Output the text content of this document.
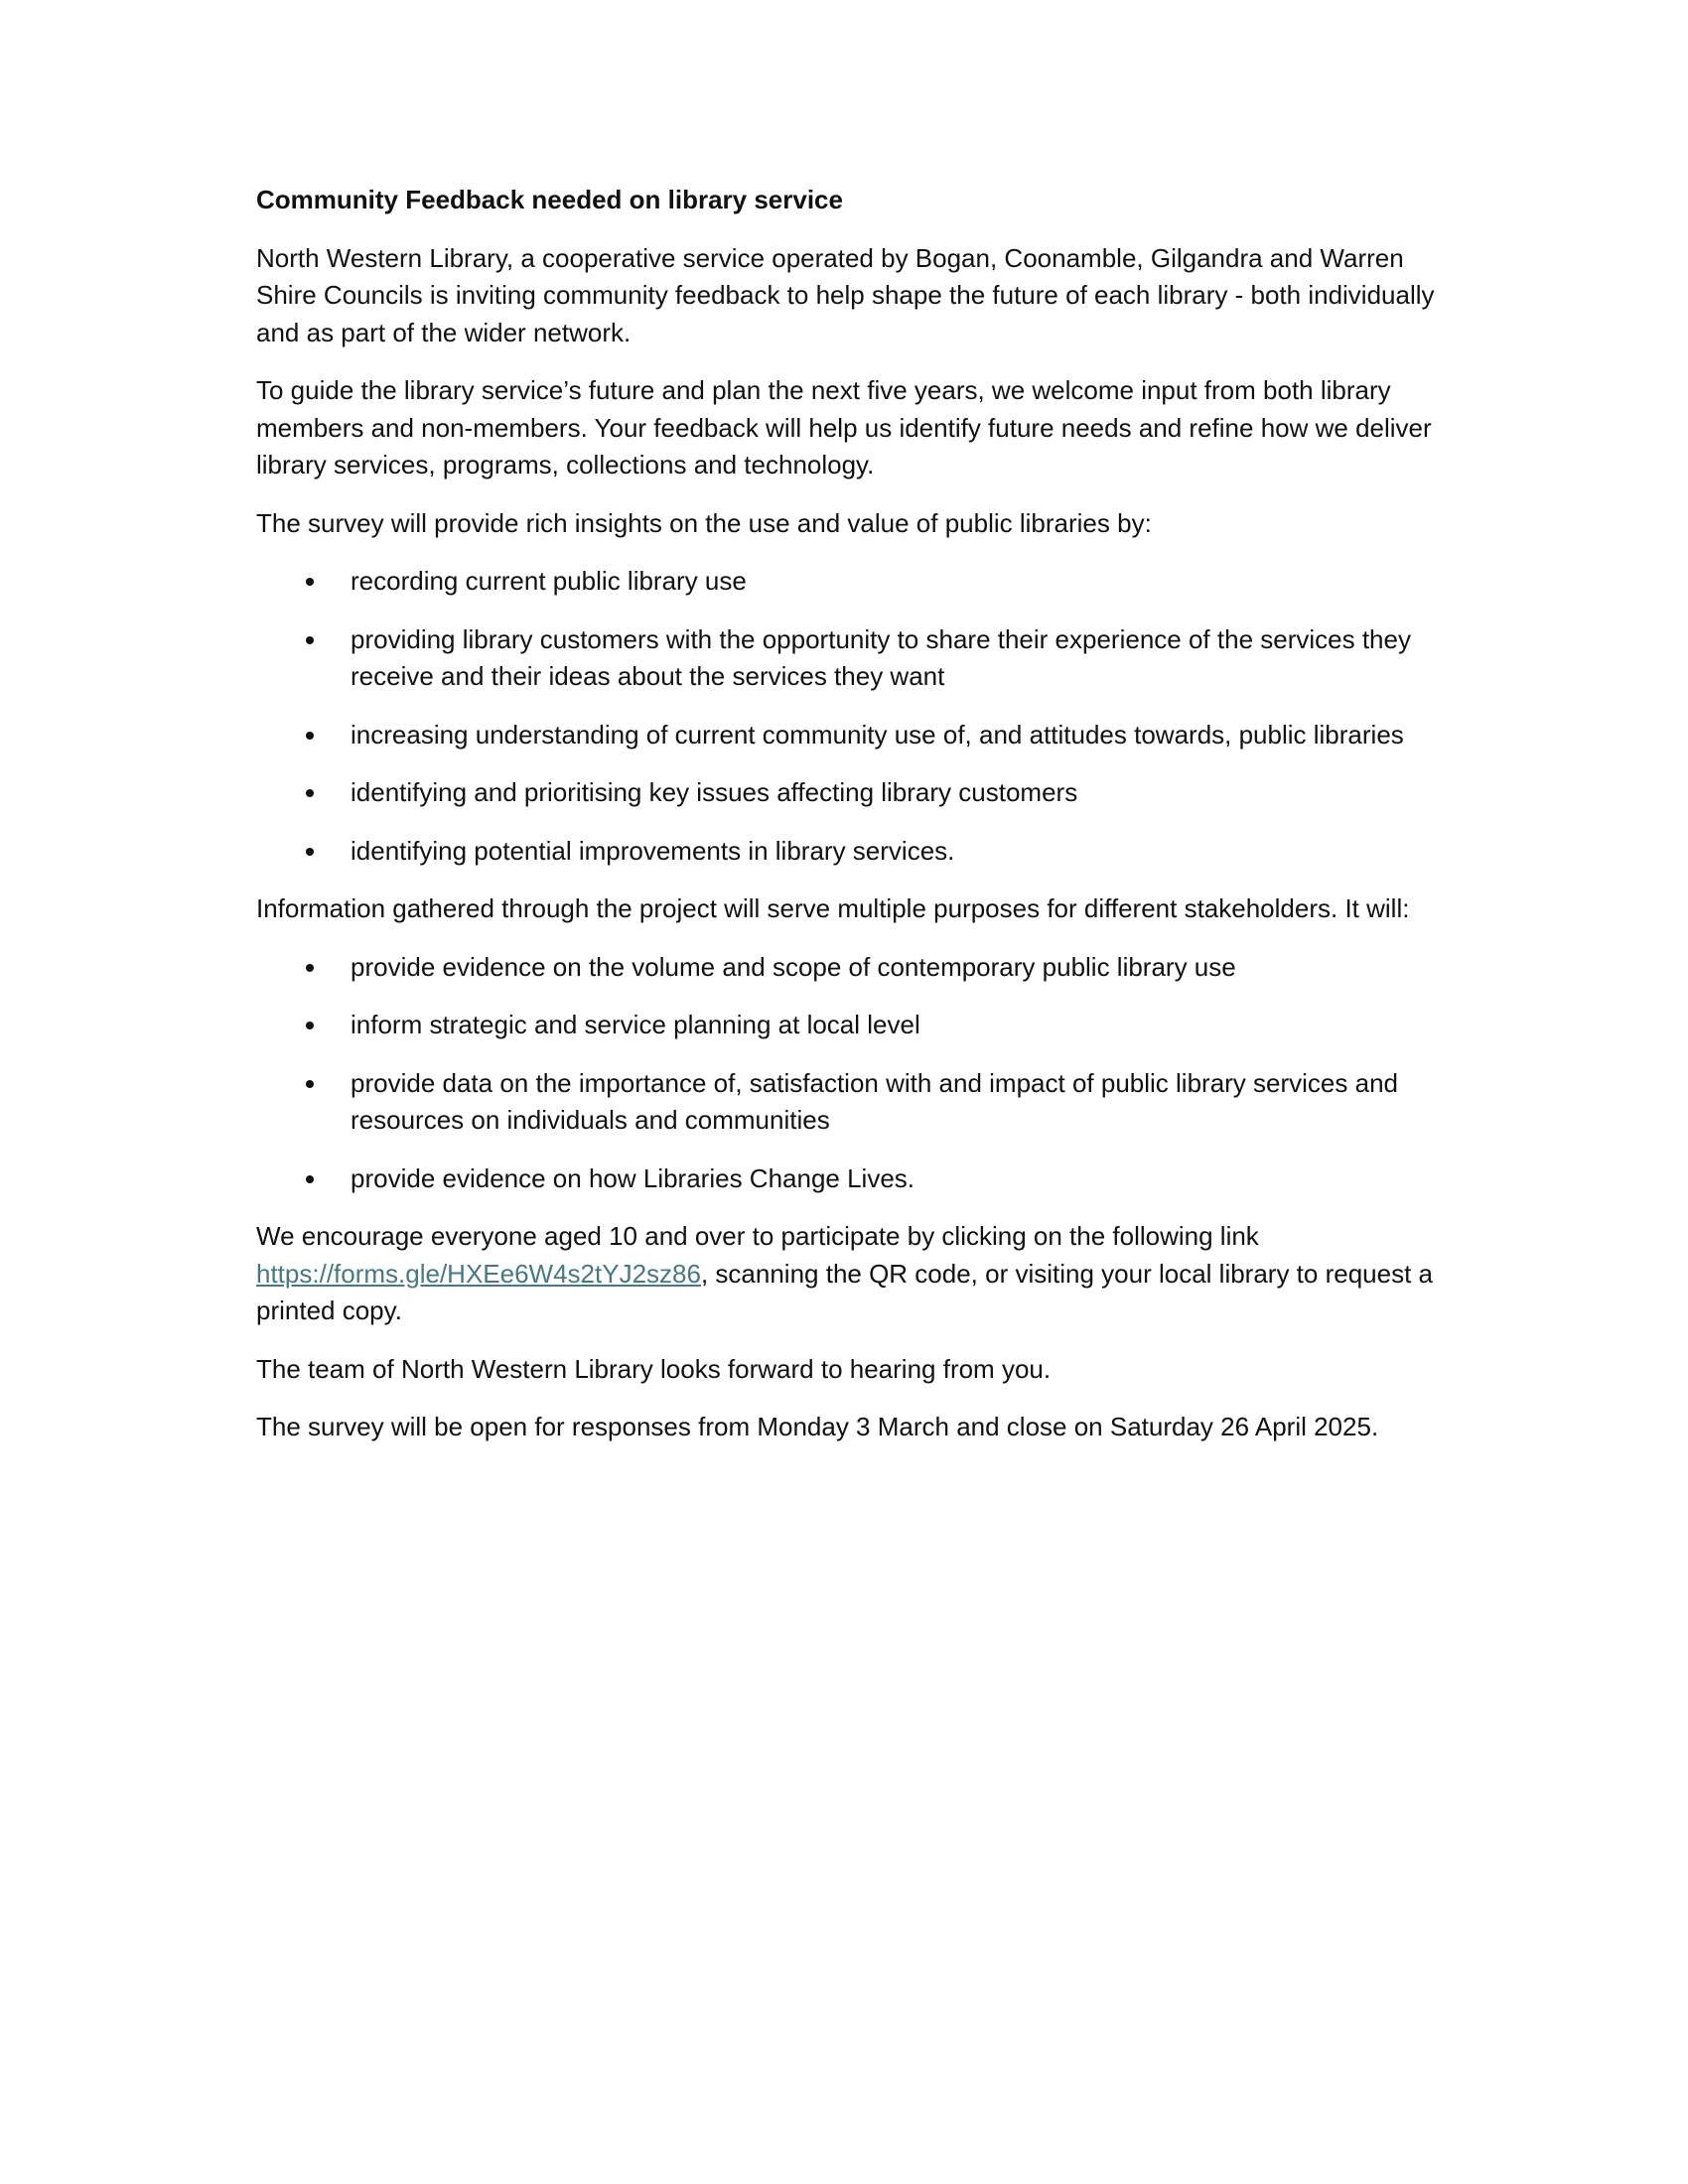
Community Feedback needed on library service

North Western Library, a cooperative service operated by Bogan, Coonamble, Gilgandra and Warren Shire Councils is inviting community feedback to help shape the future of each library - both individually and as part of the wider network.

To guide the library service’s future and plan the next five years, we welcome input from both library members and non-members. Your feedback will help us identify future needs and refine how we deliver library services, programs, collections and technology.

The survey will provide rich insights on the use and value of public libraries by:

recording current public library use
providing library customers with the opportunity to share their experience of the services they receive and their ideas about the services they want
increasing understanding of current community use of, and attitudes towards, public libraries
identifying and prioritising key issues affecting library customers
identifying potential improvements in library services.

Information gathered through the project will serve multiple purposes for different stakeholders. It will:

provide evidence on the volume and scope of contemporary public library use
inform strategic and service planning at local level
provide data on the importance of, satisfaction with and impact of public library services and resources on individuals and communities
provide evidence on how Libraries Change Lives.

We encourage everyone aged 10 and over to participate by clicking on the following link https://forms.gle/HXEe6W4s2tYJ2sz86, scanning the QR code, or visiting your local library to request a printed copy.

The team of North Western Library looks forward to hearing from you.

The survey will be open for responses from Monday 3 March and close on Saturday 26 April 2025.
